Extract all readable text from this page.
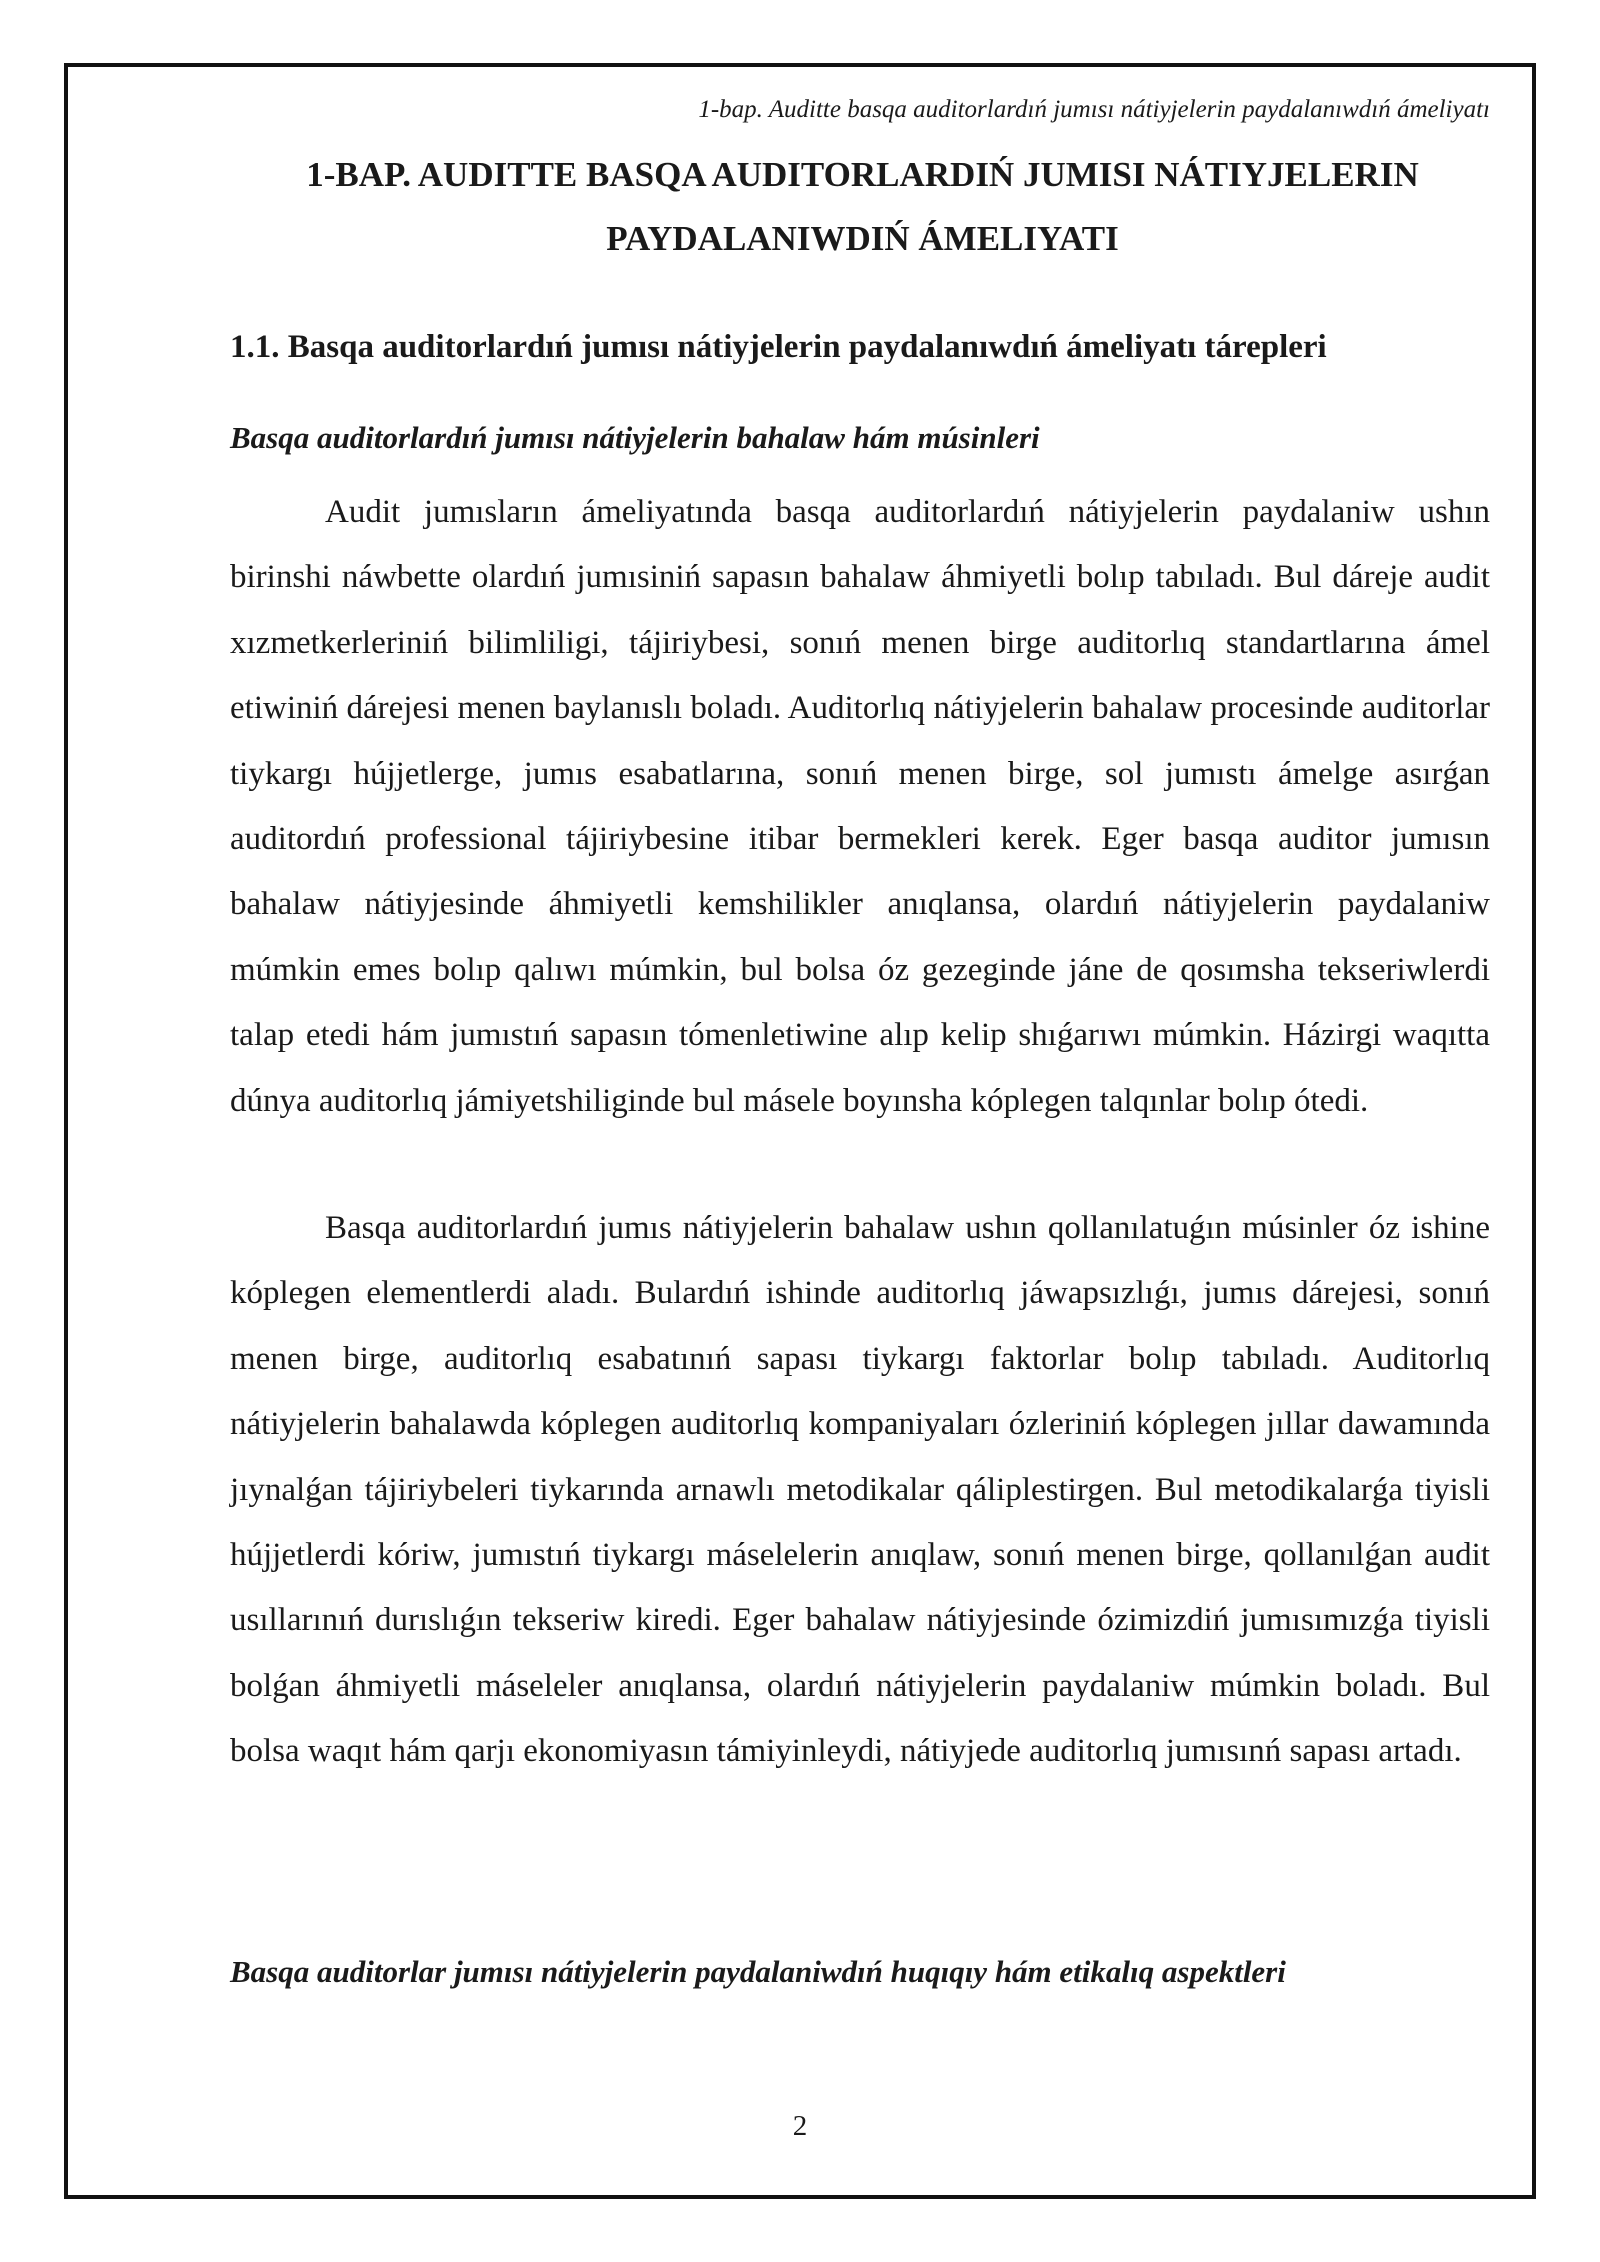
1-bap. Auditte basqa auditorlardıń jumısı nátiyjelerin paydalanıwdıń ámeliyatı
1-BAP. AUDITTE BASQA AUDITORLARDIŃ JUMISI NÁTIYJELERIN
PAYDALANIWDIŃ ÁMELIYATI
1.1. Basqa auditorlardıń jumısı nátiyjelerin paydalanıwdıń ámeliyatı tárepleri
Basqa auditorlardıń jumısı nátiyjelerin bahalaw hám músinleri

Audit jumısların ámeliyatında basqa auditorlardıń nátiyjelerin paydalaniw ushın birinshi náwbette olardıń jumısiniń sapasın bahalaw áhmiyetli bolıp tabıladı. Bul dáreje audit xızmetkerleriniń bilimliligi, tájiriybesi, sonıń menen birge auditorlıq standartlarına ámel etiwiniń dárejesi menen baylanıslı boladı. Auditorlıq nátiyjelerin bahalaw procesinde auditorlar tiykargı hújjetlerge, jumıs esabatlarına, sonıń menen birge, sol jumıstı ámelge asırǵan auditordıń professional tájiriybesine itibar bermekleri kerek. Eger basqa auditor jumısın bahalaw nátiyjesinde áhmiyetli kemshilikler anıqlansa, olardıń nátiyjelerin paydalaniw múmkin emes bolıp qalıwı múmkin, bul bolsa óz gezeginde jáne de qosımsha tekseriwlerdi talap etedi hám jumıstıń sapasın tómenletiwine alıp kelip shıǵarıwı múmkin. Házirgi waqıtta dúnya auditorlıq jámiyetshiliginde bul másele boyınsha kóplegen talqınlar bolıp ótedi.

Basqa auditorlardıń jumıs nátiyjelerin bahalaw ushın qollanılatuǵın músinler óz ishine kóplegen elementlerdi aladı. Bulardıń ishinde auditorlıq jáwapsızlıǵı, jumıs dárejesi, sonıń menen birge, auditorlıq esabatınıń sapası tiykargı faktorlar bolıp tabıladı. Auditorlıq nátiyjelerin bahalawda kóplegen auditorlıq kompaniyaları ózleriniń kóplegen jıllar dawamında jıynalǵan tájiriybeleri tiykarında arnawlı metodikalar qáliplestirgen. Bul metodikalarǵa tiyisli hújjetlerdi kóriw, jumıstıń tiykargı máselelerin anıqlaw, sonıń menen birge, qollanılǵan audit usıllarınıń durıslıǵın tekseriw kiredi. Eger bahalaw nátiyjesinde ózimizdiń jumısımızǵa tiyisli bolǵan áhmiyetli máseleler anıqlansa, olardıń nátiyjelerin paydalaniw múmkin boladı. Bul bolsa waqıt hám qarjı ekonomiyasın támiyinleydi, nátiyjede auditorlıq jumısınń sapası artadı.

Basqa auditorlar jumısı nátiyjelerin paydalaniwdıń huqıqıy hám etikalıq aspektleri
2
